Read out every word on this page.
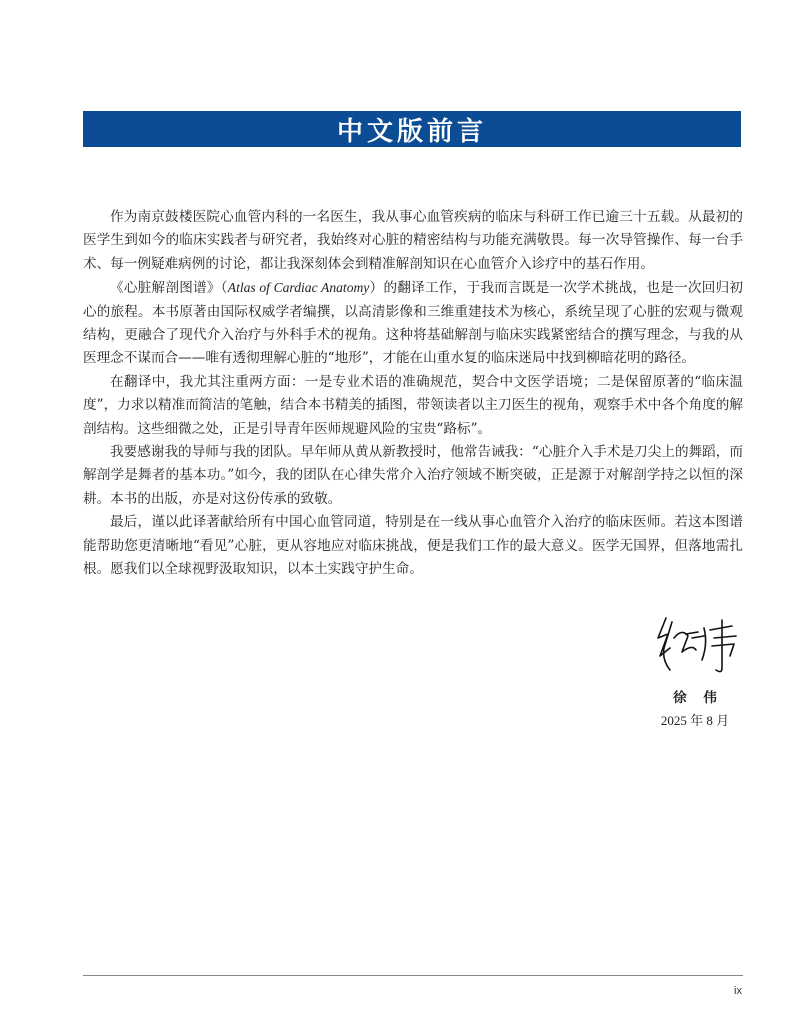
中文版前言

作为南京鼓楼医院心血管内科的一名医生，我从事心血管疾病的临床与科研工作已逾三十五载。从最初的医学生到如今的临床实践者与研究者，我始终对心脏的精密结构与功能充满敬畏。每一次导管操作、每一台手术、每一例疑难病例的讨论，都让我深刻体会到精准解剖知识在心血管介入诊疗中的基石作用。

《心脏解剖图谱》（Atlas of Cardiac Anatomy）的翻译工作，于我而言既是一次学术挑战，也是一次回归初心的旅程。本书原著由国际权威学者编撰，以高清影像和三维重建技术为核心，系统呈现了心脏的宏观与微观结构，更融合了现代介入治疗与外科手术的视角。这种将基础解剖与临床实践紧密结合的撰写理念，与我的从医理念不谋而合——唯有透彻理解心脏的“地形”，才能在山重水复的临床迷局中找到柳暗花明的路径。

在翻译中，我尤其注重两方面：一是专业术语的准确规范，契合中文医学语境；二是保留原著的“临床温度”，力求以精准而简洁的笔触，结合本书精美的插图，带领读者以主刀医生的视角，观察手术中各个角度的解剖结构。这些细微之处，正是引导青年医师规避风险的宝贵“路标”。

我要感谢我的导师与我的团队。早年师从黄从新教授时，他常告诫我：“心脏介入手术是刀尖上的舞蹈，而解剖学是舞者的基本功。”如今，我的团队在心律失常介入治疗领域不断突破，正是源于对解剖学持之以恒的深耕。本书的出版，亦是对这份传承的致敬。

最后，谨以此译著献给所有中国心血管同道，特别是在一线从事心血管介入治疗的临床医师。若这本图谱能帮助您更清晰地“看见”心脏，更从容地应对临床挑战，便是我们工作的最大意义。医学无国界，但落地需扎根。愿我们以全球视野汲取知识，以本土实践守护生命。

徐 伟
2025 年 8 月
ix
